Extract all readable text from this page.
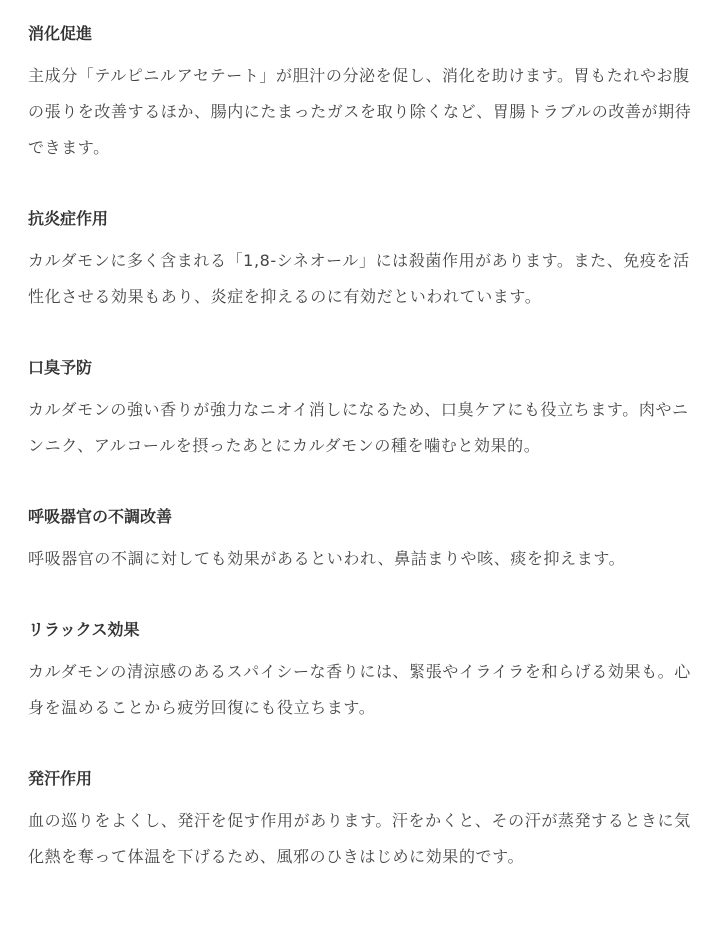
消化促進

主成分「テルピニルアセテート」が胆汁の分泌を促し、消化を助けます。胃もたれやお腹の張りを改善するほか、腸内にたまったガスを取り除くなど、胃腸トラブルの改善が期待できます。

抗炎症作用

カルダモンに多く含まれる「1,8-シネオール」には殺菌作用があります。また、免疫を活性化させる効果もあり、炎症を抑えるのに有効だといわれています。

口臭予防

カルダモンの強い香りが強力なニオイ消しになるため、口臭ケアにも役立ちます。肉やニンニク、アルコールを摂ったあとにカルダモンの種を噛むと効果的。

呼吸器官の不調改善

呼吸器官の不調に対しても効果があるといわれ、鼻詰まりや咳、痰を抑えます。

リラックス効果

カルダモンの清涼感のあるスパイシーな香りには、緊張やイライラを和らげる効果も。心身を温めることから疲労回復にも役立ちます。

発汗作用

血の巡りをよくし、発汗を促す作用があります。汗をかくと、その汗が蒸発するときに気化熱を奪って体温を下げるため、風邪のひきはじめに効果的です。
